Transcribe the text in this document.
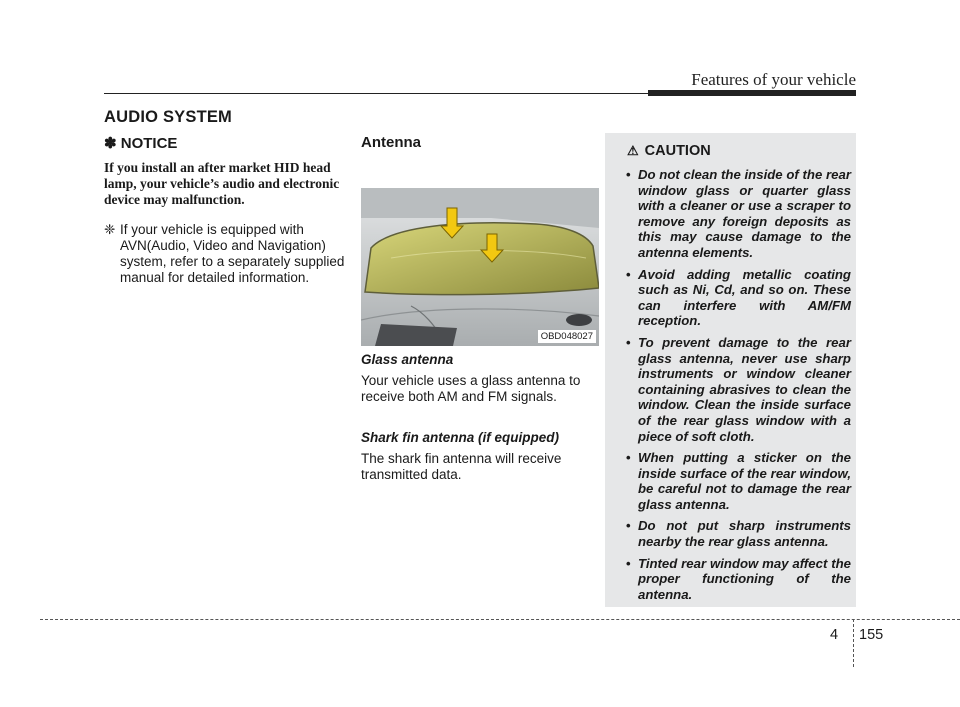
Features of your vehicle
AUDIO SYSTEM

✽ NOTICE

If you install an after market HID head lamp, your vehicle’s audio and electronic device may malfunction.

❈ If your vehicle is equipped with AVN(Audio, Video and Navigation) system, refer to a separately supplied manual for detailed information.

Antenna

OBD048027

Glass antenna

Your vehicle uses a glass antenna to receive both AM and FM signals.

Shark fin antenna (if equipped)

The shark fin antenna will receive transmitted data.

⚠ CAUTION
• Do not clean the inside of the rear window glass or quarter glass with a cleaner or use a scraper to remove any foreign deposits as this may cause damage to the antenna elements.
• Avoid adding metallic coating such as Ni, Cd, and so on. These can interfere with AM/FM reception.
• To prevent damage to the rear glass antenna, never use sharp instruments or window cleaner containing abrasives to clean the window. Clean the inside surface of the rear glass window with a piece of soft cloth.
• When putting a sticker on the inside surface of the rear window, be careful not to damage the rear glass antenna.
• Do not put sharp instruments nearby the rear glass antenna.
• Tinted rear window may affect the proper functioning of the antenna.
4 155
